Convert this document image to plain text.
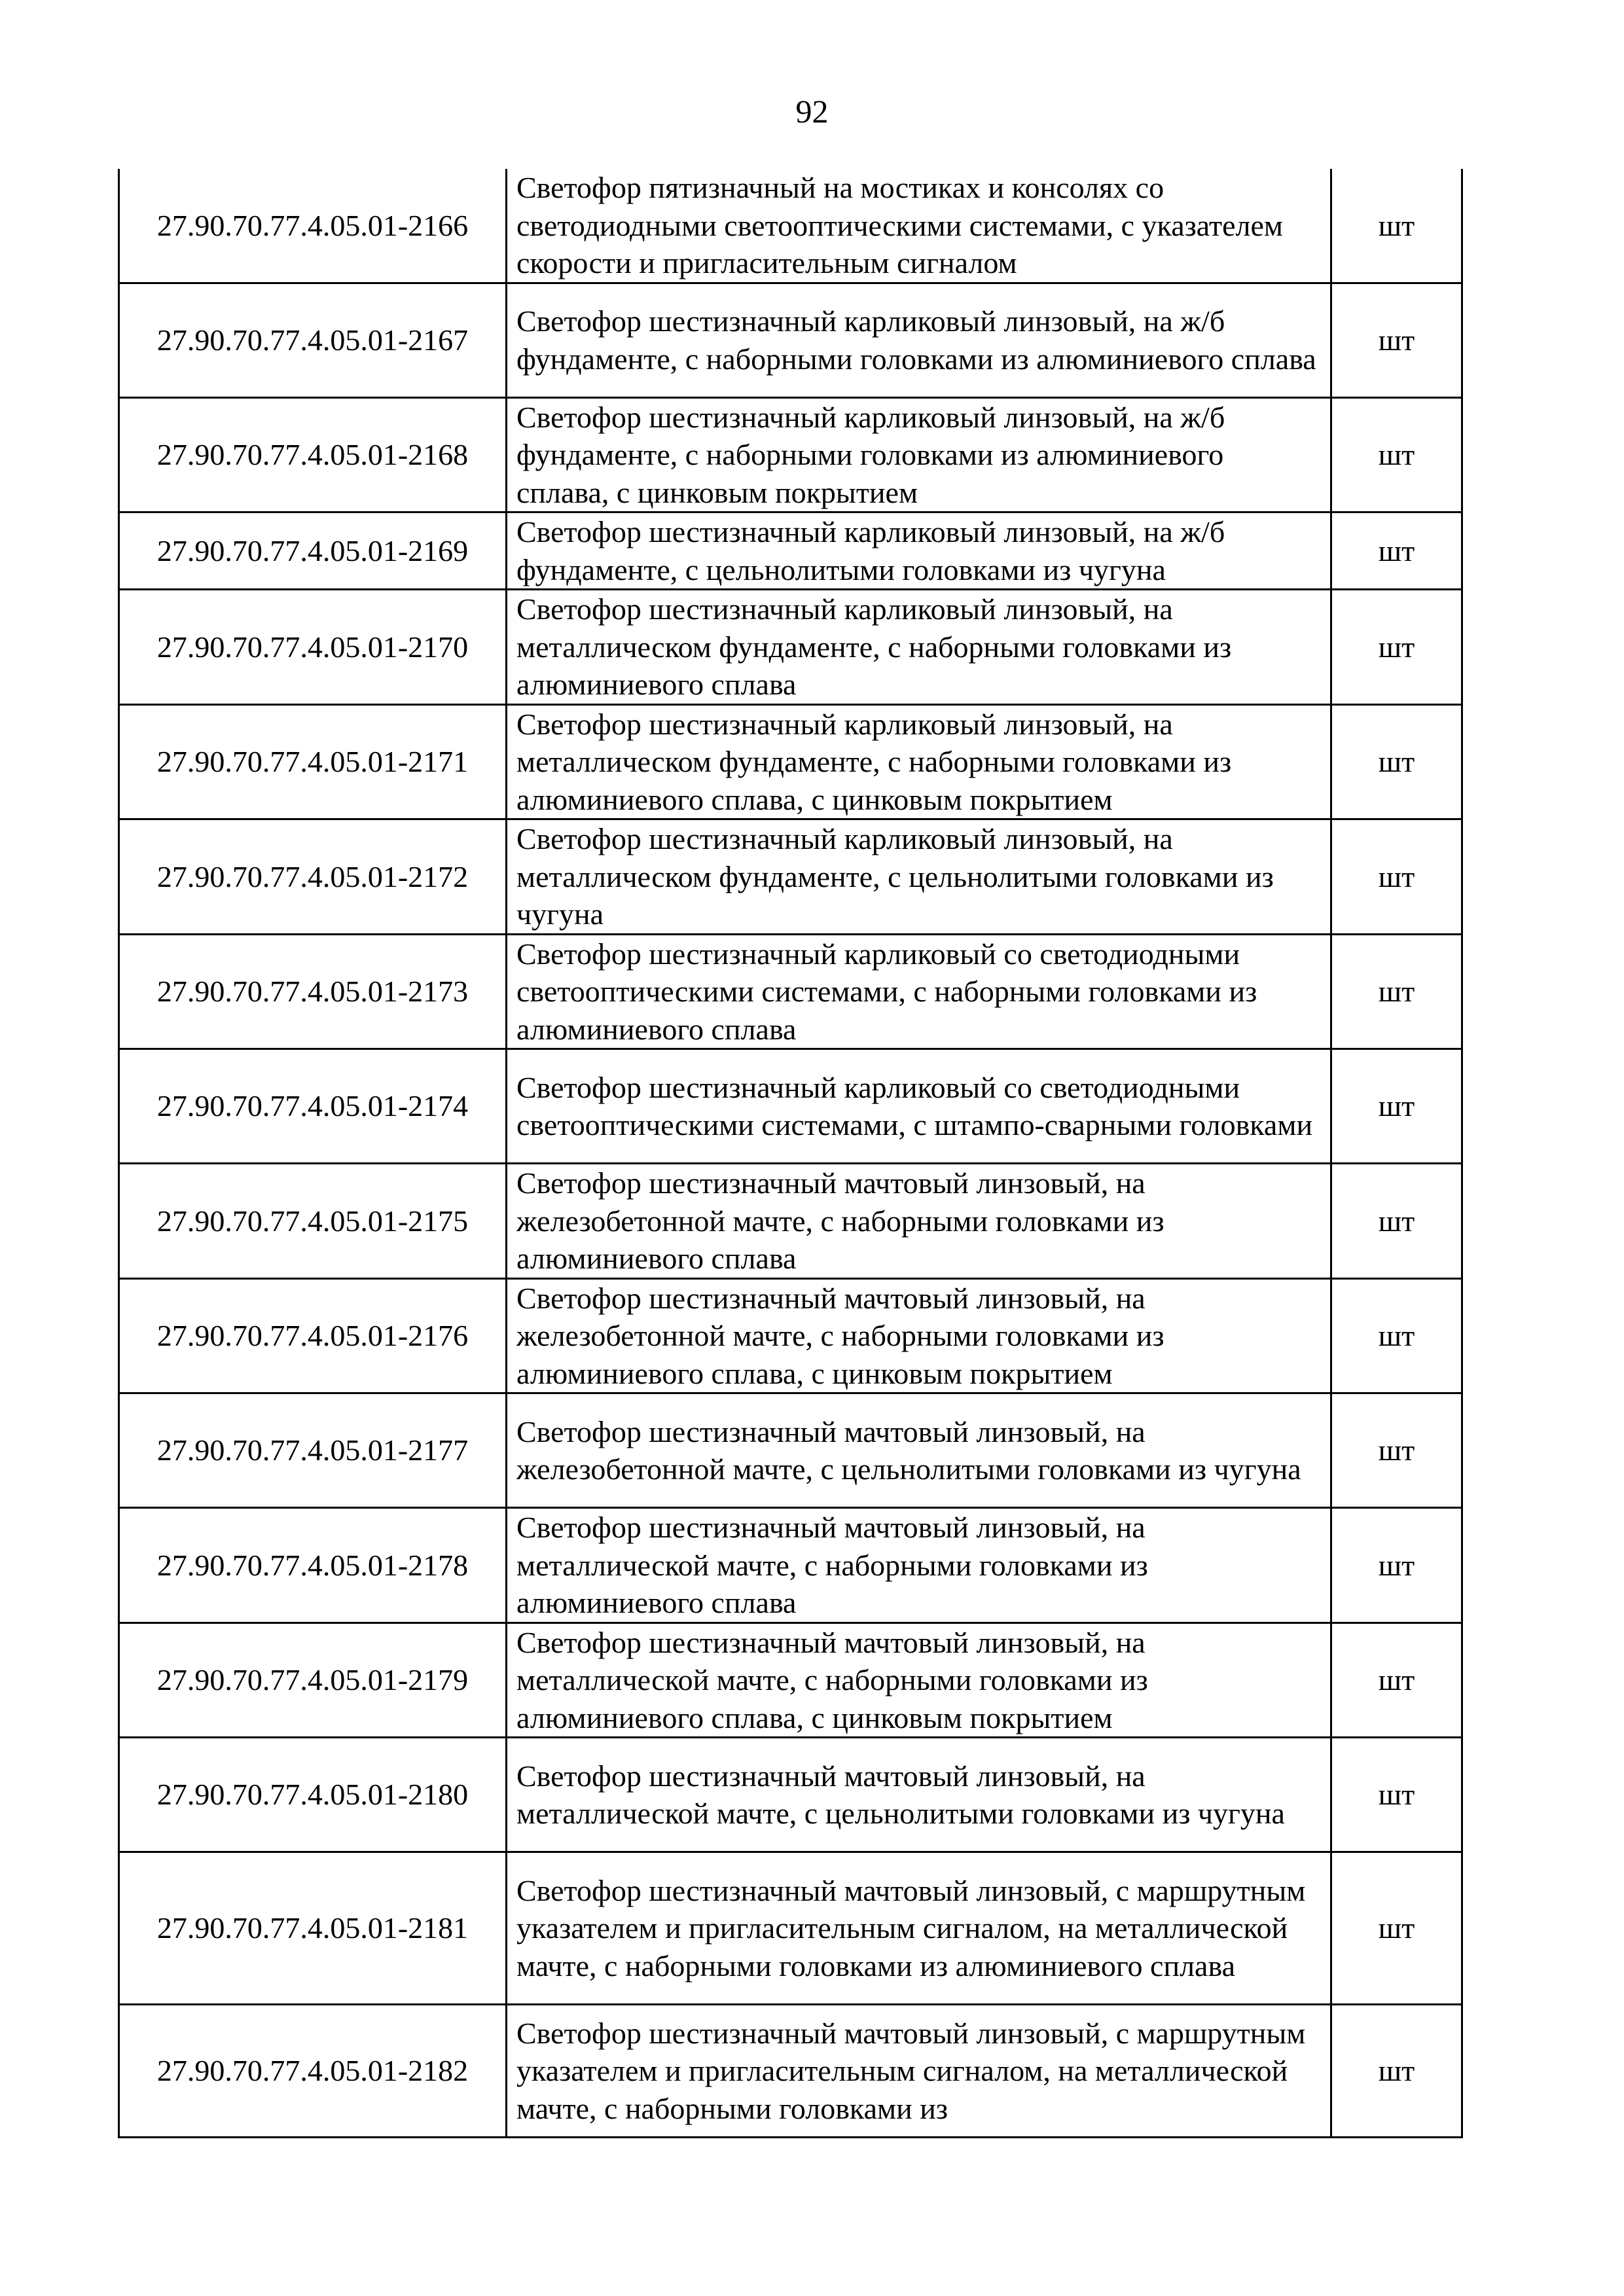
92
27.90.70.77.4.05.01-2166	Светофор пятизначный на мостиках и консолях со светодиодными светооптическими системами, с указателем скорости и пригласительным сигналом	шт
27.90.70.77.4.05.01-2167	Светофор шестизначный карликовый линзовый, на ж/б фундаменте, с наборными головками из алюминиевого сплава	шт
27.90.70.77.4.05.01-2168	Светофор шестизначный карликовый линзовый, на ж/б фундаменте, с наборными головками из алюминиевого сплава, с цинковым покрытием	шт
27.90.70.77.4.05.01-2169	Светофор шестизначный карликовый линзовый, на ж/б фундаменте, с цельнолитыми головками из чугуна	шт
27.90.70.77.4.05.01-2170	Светофор шестизначный карликовый линзовый, на металлическом фундаменте, с наборными головками из алюминиевого сплава	шт
27.90.70.77.4.05.01-2171	Светофор шестизначный карликовый линзовый, на металлическом фундаменте, с наборными головками из алюминиевого сплава, с цинковым покрытием	шт
27.90.70.77.4.05.01-2172	Светофор шестизначный карликовый линзовый, на металлическом фундаменте, с цельнолитыми головками из чугуна	шт
27.90.70.77.4.05.01-2173	Светофор шестизначный карликовый со светодиодными светооптическими системами, с наборными головками из алюминиевого сплава	шт
27.90.70.77.4.05.01-2174	Светофор шестизначный карликовый со светодиодными светооптическими системами, с штампо-сварными головками	шт
27.90.70.77.4.05.01-2175	Светофор шестизначный мачтовый линзовый, на железобетонной мачте, с наборными головками из алюминиевого сплава	шт
27.90.70.77.4.05.01-2176	Светофор шестизначный мачтовый линзовый, на железобетонной мачте, с наборными головками из алюминиевого сплава, с цинковым покрытием	шт
27.90.70.77.4.05.01-2177	Светофор шестизначный мачтовый линзовый, на железобетонной мачте, с цельнолитыми головками из чугуна	шт
27.90.70.77.4.05.01-2178	Светофор шестизначный мачтовый линзовый, на металлической мачте, с наборными головками из алюминиевого сплава	шт
27.90.70.77.4.05.01-2179	Светофор шестизначный мачтовый линзовый, на металлической мачте, с наборными головками из алюминиевого сплава, с цинковым покрытием	шт
27.90.70.77.4.05.01-2180	Светофор шестизначный мачтовый линзовый, на металлической мачте, с цельнолитыми головками из чугуна	шт
27.90.70.77.4.05.01-2181	Светофор шестизначный мачтовый линзовый, с маршрутным указателем и пригласительным сигналом, на металлической мачте, с наборными головками из алюминиевого сплава	шт
27.90.70.77.4.05.01-2182	Светофор шестизначный мачтовый линзовый, с маршрутным указателем и пригласительным сигналом, на металлической мачте, с наборными головками из	шт
